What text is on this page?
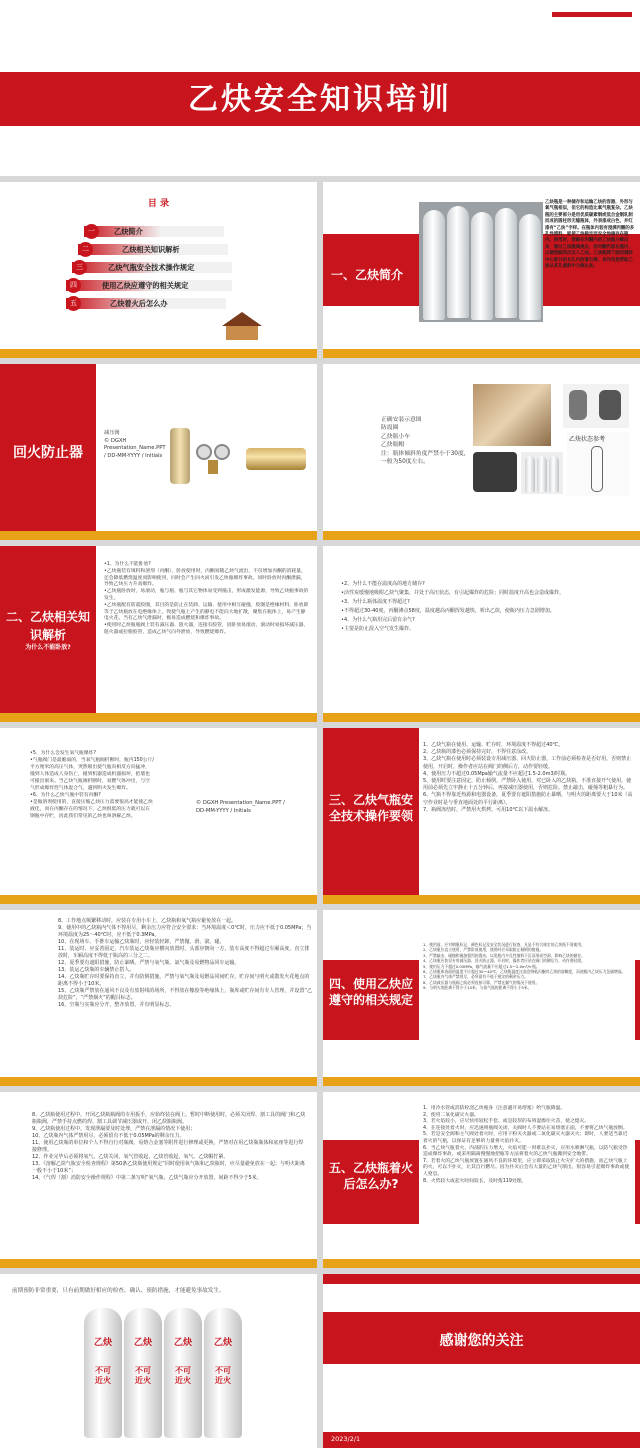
乙炔安全知识培训
目 录
一	乙炔简介
二	乙炔相关知识解析
三	乙炔气瓶安全技术操作规定
四	使用乙炔应遵守的相关规定
五	乙炔着火后怎么办
一、乙炔简介
乙炔瓶是一种储存和运输乙炔的容器，外形与氧气瓶相似，但它的构造比氧气瓶复杂。乙炔瓶的主要部分是用优质碳素钢或低合金钢轧制而成的圆柱形无缝瓶体，外表漆成白色，并红漆有“乙炔”字样。在瓶体内装有浸满丙酮的多孔性填料，能使乙炔稳定而安全地储存在瓶内。使用时，溶解在丙酮内的乙炔就分解出来，通过乙炔瓶阀流出，而丙酮仍留在瓶内，以便溶解再次压入乙炔。乙炔瓶阀下面的填料中心部分的长孔内放着石棉，其作用是帮助乙炔从多孔填料中分解出来。
回火防止器
减压阀
© DGXH Presentation_Name.PPT / DD-MM-YYYY / Initials
正确安装示意图
防震圈
乙炔瓶小车
乙炔瓶帽
注：瓶体倾斜角度严禁小于30度，一般为50度左右。
乙炔状态参考
二、乙炔相关知识解析
为什么不能卧放?
•1、为什么不能卧放?
•乙炔瓶装有填料和溶剂（丙酮），卧放使用时，丙酮易随乙炔气流出，不仅增加丙酮的消耗量，还会降低燃烧温度而影响使用，同时会产生回火而引发乙炔瓶爆炸事故。同时卧放时丙酮泄漏，导致乙炔压力升高爆炸。
•乙炔瓶卧放时，易滚动，瓶与瓶、瓶与其它物体易受到撞击，形成激发能源，导致乙炔瓶事故的发生。
•乙炔瓶配有防震胶圈，其目的是防止在装卸、运输、使用中相互碰撞，胶圈是绝缘材料，卧放即等于乙炔瓶放在电绝缘体上，致使气瓶上产生的静电不能向大地扩散，聚集在瓶体上，易产生静电火花，当有乙炔气泄漏时，极易造成燃烧和爆炸事故。
•使用时乙炔瓶瓶阀上装有减压器、阻火器，连接有胶管，因卧放易滚动，滚动时易损坏减压器、阻火器或拉脱胶管，造成乙炔气向外泄放，导致燃烧爆炸。
•2、为什么不能在温度高的地方储存?
•活性炭缓慢地吸附乙炔气聚集，并处于高压状态，有引起爆炸的危险；同时温度升高也会造成爆炸。
•3、为什么瓶体温度不得超过?
•不得超过30-40度，丙酮沸点58度，温度越高丙酮挥发越快，析出乙炔，使瓶内压力急剧增加。
•4、为什么气瓶用完后留有余气?
•主要是防止混入空气发生爆炸。
•5、为什么会发生氧气瓶爆炸?
•气瓶阀门是最脆弱的，当氧气瓶阀折断时，瓶内150公斤/平方厘米的高压气体，突然喷出使气瓶向相反方向猛冲，撞到人体造成人身伤亡，撞到机器造成机器损坏，把墙也可撞出洞来。当乙炔气瓶阀折断时，易燃气体冲出，与空气形成爆炸性气体混合气，遇到明火发生爆炸。
•6、为什么乙炔气瓶中装有丙酮?
•是做溶剂使用的，直接压缩乙炔压力需要很高才能使乙炔液化，而在丙酮存在的情况下，乙炔很低的压力就可以在钢瓶中存贮，因此我们常见的乙炔也叫溶解乙炔。
© DGXH Presentation_Name.PPT / DD-MM-YYYY / Initials
三、乙炔气瓶安全技术操作要领
1、乙炔气瓶在使用、运输、贮存时，环境温度不得超过40℃。
2、乙炔瓶的漆色必须保持完好，不得任意涂改。
3、乙炔气瓶在使用时必须装设专用减压器、回火防止器，工作前必须检查是否好用，否则禁止使用，开启时，操作者应站在阀门的侧后方，动作要轻缓。
4、使用压力不超过0.05Mpa输气流量不应超过1.5-2.0m3/时瓶。
5、使用时要注意固定，防止倾倒，严禁卧入使用，对已卧入的乙炔瓶，不准直接开气使用，使用前必须先立牢静止十五分钟后，再接减压器使用，否则危险。禁止敲击，碰撞等粗暴行为。
6、气瓶不得靠近热源和电器设备，夏季要有遮阳措施防止暴晒，与明火的距离要大于10米（高空作业时是与垂直地面处的平行距离）。
7、瓶阀冻结时，严禁用火烘烤，可用10℃以下温水解冻。
8、工作地点频繁移动时，应装在专用小车上，乙炔瓶和氧气瓶应避免放在一起。
9、使用中的乙炔瓶内气体不得用尽，剩余压力应符合安全要求：当环境温度＜0℃时，压力应不低于0.05MPa；当环境温度为25～40℃时，应不低于0.3MPa。
10、在现场车、手推车运输乙炔瓶时，应轻装轻卸，严禁抛、滑、滚、碰。
11、装运时，应妥善固定，汽车装运乙炔瓶应横向放置时，头部应朝向一方，装车高度不得超过车厢高度，直立排放时，车厢高度不得低于瓶高的三分之二。
12、夏季要有遮阳措施，防止暴晒。严禁与氧气瓶、氯气瓶及易燃物品同车运输。
13、装运乙炔瓶的车辆禁止搭人。
14、乙炔瓶贮存时要保持直立，并有防倒措施。严禁与氧气瓶及易燃品同间贮存。贮存间与明火或散发火花地点的距离不得小于10米。
15、乙炔瓶严禁放在通风不良及有放射线的场所，不得放在橡胶等绝缘体上，瓶库或贮存间有专人管理，并设置“乙炔危险”、“严禁烟火”的醒目标志。
16、空瓶与实瓶应分开，整齐放置，并有明显标志。
四、使用乙炔应遵守的相关规定
1、使用前，应对钢瓶标记、颜色标记及安全状况进行检查，凡是不符合规定的乙炔瓶不准使用。
2、乙炔瓶应直立使用，严禁卧放使用，使用时应采取防止倾倒的措施。
3、严禁敲击、碰撞和施加强烈的震动，以免瓶内多孔性填料下沉而形成空洞，影响乙炔的储存。
4、乙炔瓶应装设专用减压器、回火防止器，开启时，操作者应站在阀门的侧后方，动作要轻缓。
5、使用压力不超过0.05MPa，输气流量不应超过1.5～2.0m³/h·瓶。
6、乙炔瓶体表面的温度不应超过30～40℃，乙炔瓶温度过高会降低丙酮对乙炔的溶解度，而使瓶内乙炔压力急剧增高。
7、乙炔瓶内气体严禁用尽，必须留有不低于规定的剩余压力。
8、乙炔减压器与瓶阀之间必须连接可靠，严禁在漏气的情况下使用。
9、与明火的距离不得少于10米，与氧气瓶的距离不得小于5米。
8、乙炔瓶使用过程中，开闭乙炔瓶瓶阀的专用扳手，应始终装在阀上。暂时中断使用时，必须关闭焊、割工具的阀门和乙炔瓶瓶阀，严禁手持点燃的焊、割工具调节减压器或开、闭乙炔瓶瓶阀。
9、乙炔瓶使用过程中，发现泄漏要及时处理，严禁在泄漏的情况下使用；
10、乙炔瓶内气体严禁用尽，必须留有不低于0.05MPa的剩余压力。
11、使用乙炔瓶的单位和个人不得自行对瓶阀、易熔合金塞等附件进行修理或更换，严禁对在用乙炔瓶瓶体和底座等进行焊接修理。
12、作业完毕后必须将氧气、乙炔关闭，氧气管收起，乙炔管收起，氧气、乙炔帽拧紧。
13、《溶解乙炔气瓶安全检查规程》第50条乙炔瓶使用规定“同时使用氧气瓶和乙炔瓶时，应尽量避免放在一起；与明火距离一般不小于10米”；
14、《气焊（割）消防安全操作规程》中第二条写明“氧气瓶、乙炔气瓶应分开放置，间距不得少于5米。
五、乙炔瓶着火后怎么办?
1、用冷水管或消防栓浇乙炔瓶身（注意避开易熔塞）给气瓶降温。
2、使用二氧化碳灭火器。
3、若火焰较小，应尽快用较松手套、或是较厚的布将湿擦住火苗，使之熄灭。
4、在连接处着火时，应迅速将瓶阀关闭，关阀时人不要站在易熔塞正面，不要将乙炔气瓶放倒。
5、若是安全阀和主气阀处着火时，应用干粉灭火器或二氧化碳灭火器灭火；即时，人要适当靠近着火的气瓶，以保证有足够的力量将火焰扑灭。
6、当乙炔气瓶着火，内部的压力增大，火焰可能一时难以扑灭，应用水喷淋气瓶，以防气瓶受热造成爆炸事故，或采用隔离慢慢地把瓶等方法将着火的乙炔气瓶搬到安全地带。
7、若着火的乙炔气瓶放置在通风不良的环境里，应立即采取防止火灾扩大的措施，而乙炔气瓶上的火，可以不扑灭，让其自行燃尽。因为扑灭后会有大量的乙炔气喷出，很容易引起爆炸事故或使人窒息。
8、火势较大或起火时间较长，及时拨119处理。
前期预防非常重要，只有前期做好相应的检查、确认、预防措施，才能避免事故发生。
乙炔
不可近火
乙炔
不可近火
乙炔
不可近火
乙炔
不可近火
感谢您的关注
2023/2/1
